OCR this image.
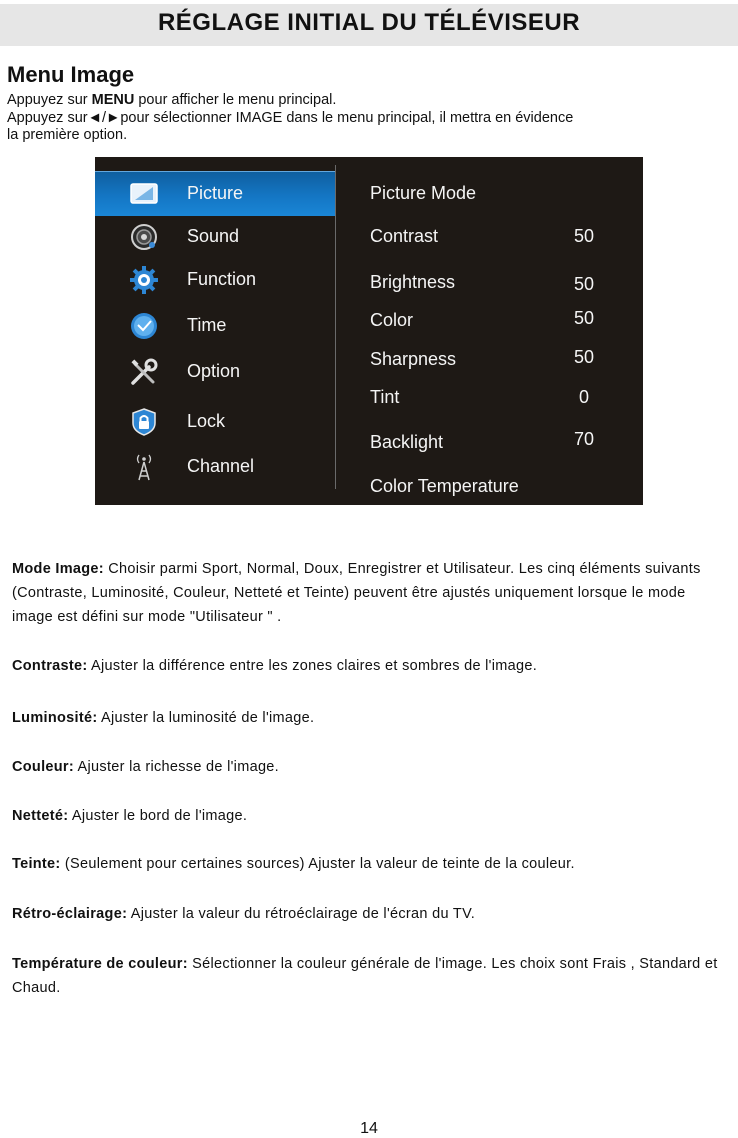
RÉGLAGE INITIAL DU TÉLÉVISEUR
Menu Image

Appuyez sur MENU pour afficher le menu principal.

Appuyez sur◄/►pour sélectionner IMAGE dans le menu principal, il mettra en évidence

la première option.

Picture
Sound
Function
Time
Option
Lock
Channel
Picture Mode
Contrast	50
Brightness	50
Color	50
Sharpness	50
Tint	0
Backlight	70
Color Temperature
Mode Image: Choisir parmi Sport, Normal, Doux, Enregistrer et Utilisateur. Les cinq éléments suivants (Contraste, Luminosité, Couleur, Netteté et Teinte) peuvent être ajustés uniquement lorsque le mode image est défini sur mode "Utilisateur " .
Contraste: Ajuster la différence entre les zones claires et sombres de l'image.
Luminosité: Ajuster la luminosité de l'image.
Couleur: Ajuster la richesse de l'image.
Netteté: Ajuster le bord de l'image.
Teinte: (Seulement pour certaines sources) Ajuster la valeur de teinte de la couleur.
Rétro-éclairage: Ajuster la valeur du rétroéclairage de l'écran du TV.
Température de couleur: Sélectionner la couleur générale de l'image. Les choix sont Frais , Standard et Chaud.
14
